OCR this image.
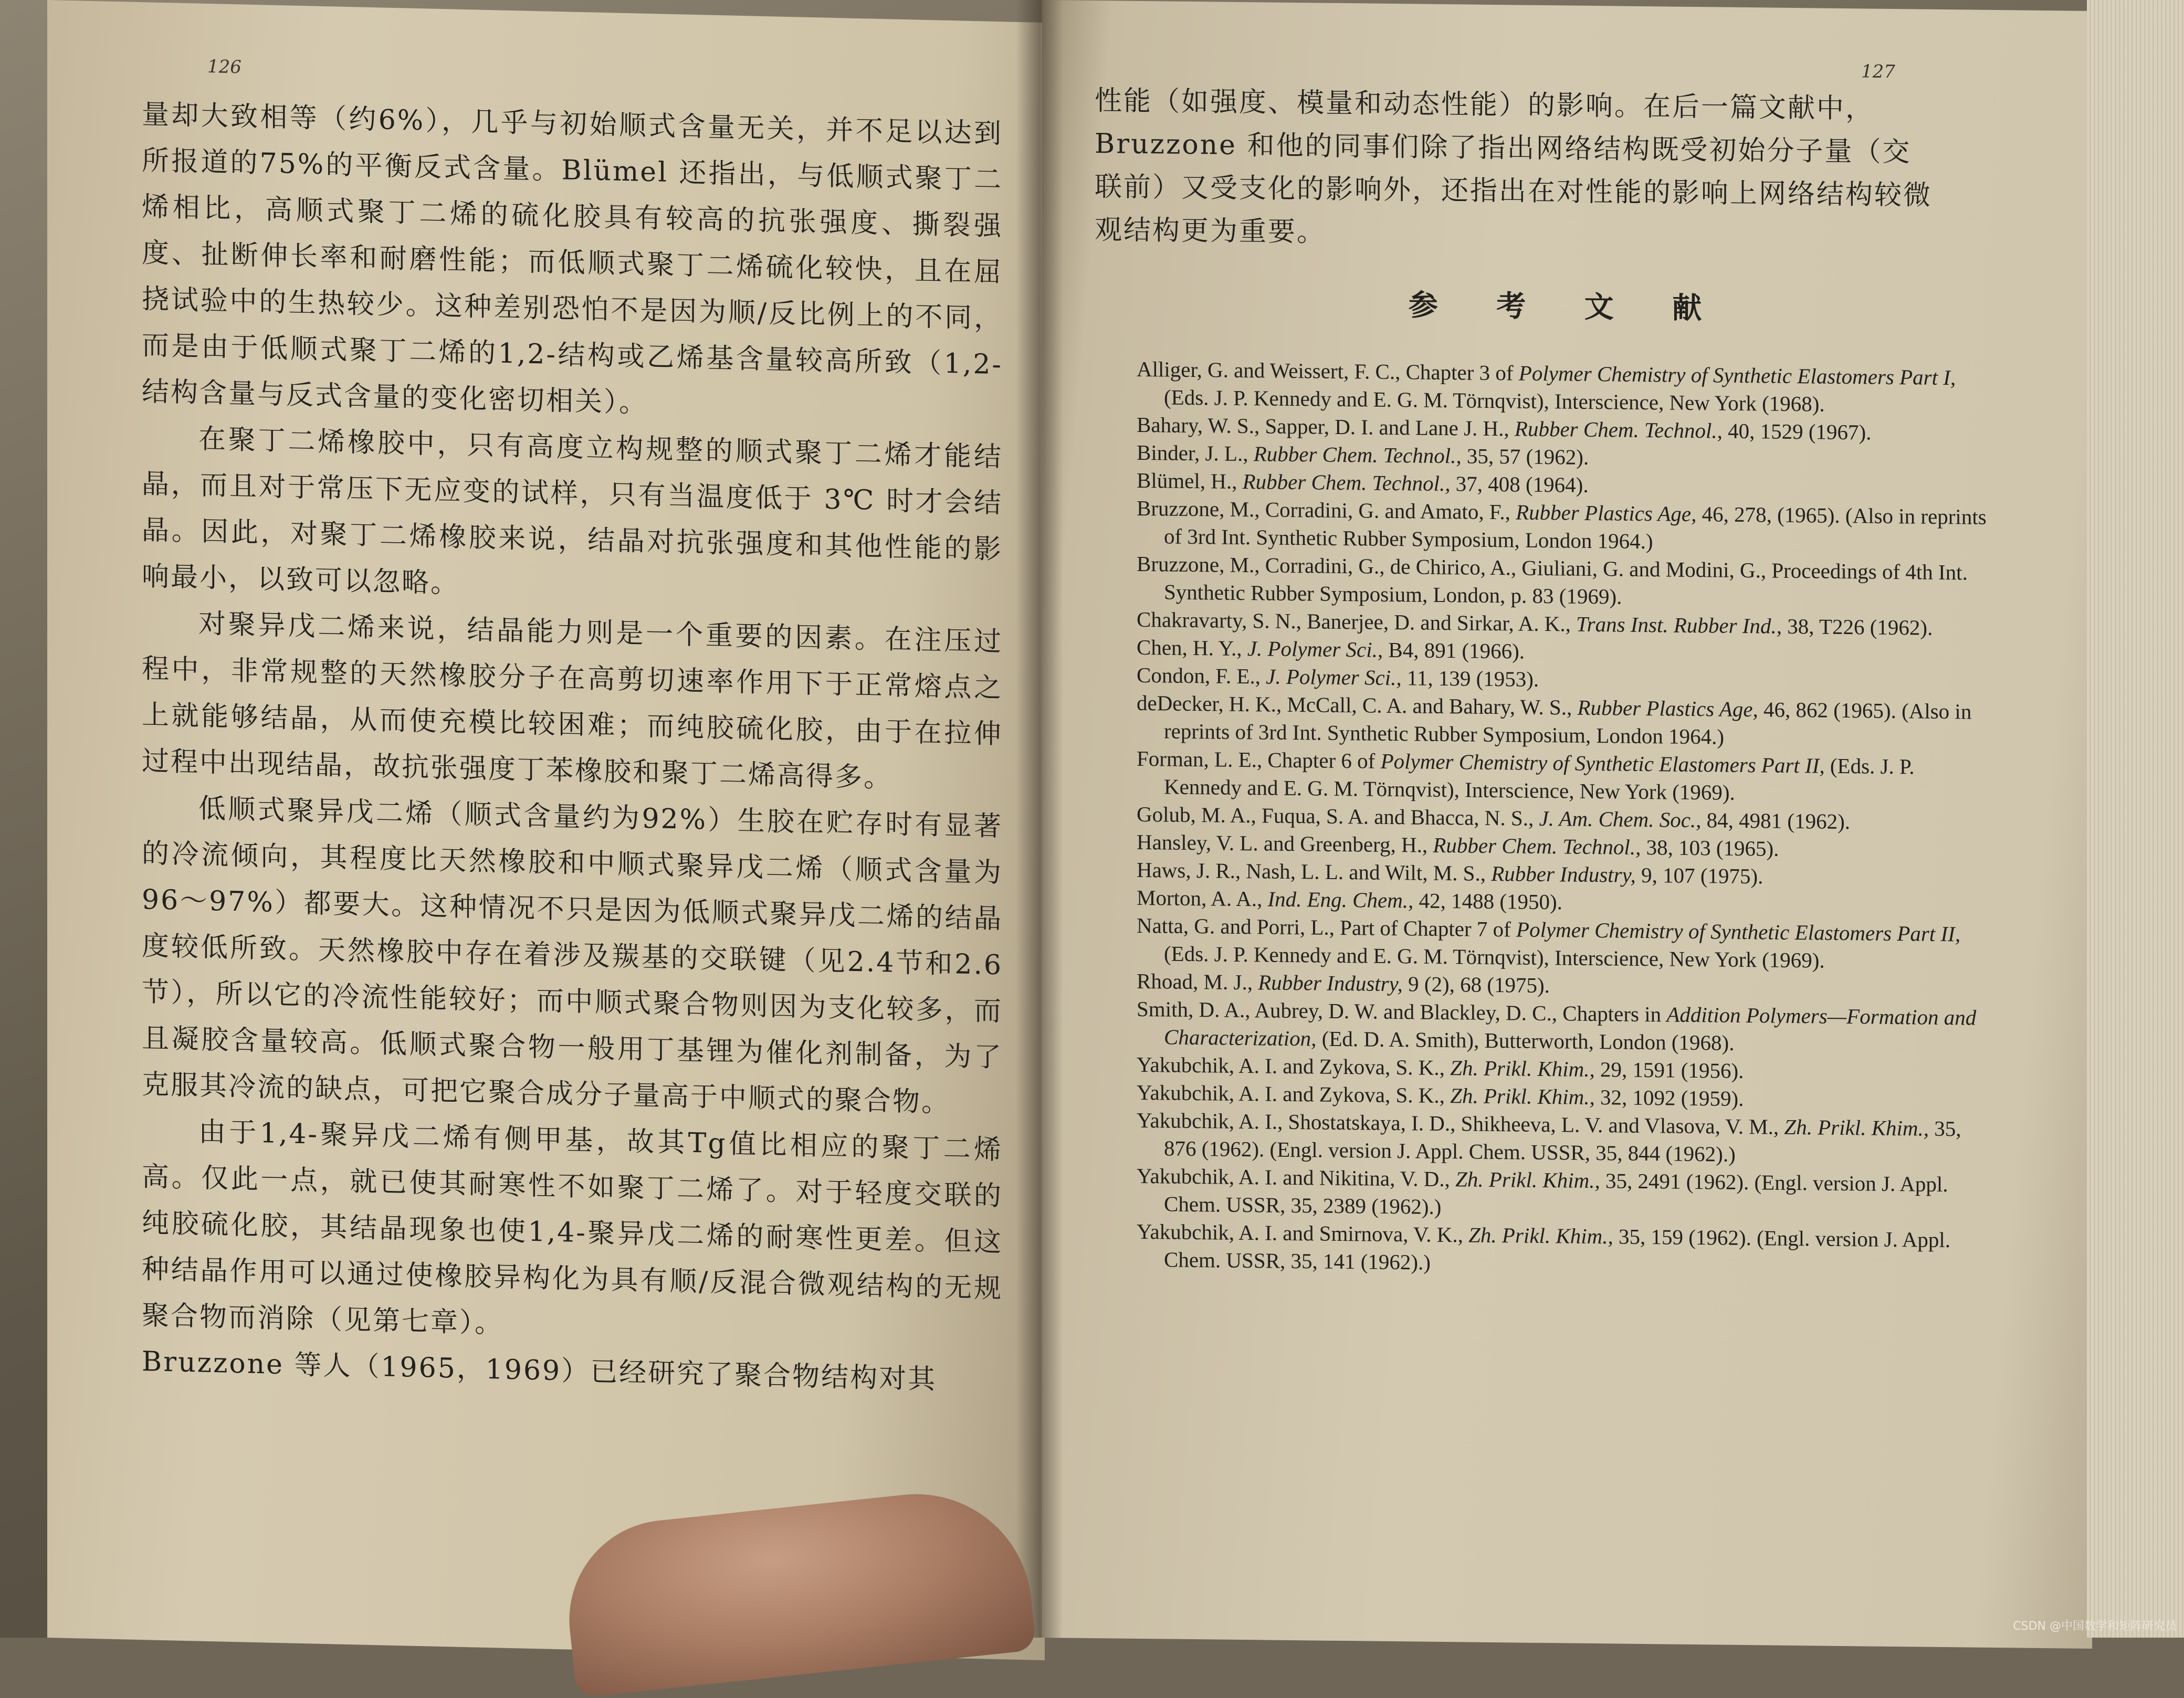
126

量却大致相等（约6%），几乎与初始顺式含量无关，并不足以达到所报道的75%的平衡反式含量。Blümel 还指出，与低顺式聚丁二烯相比，高顺式聚丁二烯的硫化胶具有较高的抗张强度、撕裂强度、扯断伸长率和耐磨性能；而低顺式聚丁二烯硫化较快，且在屈挠试验中的生热较少。这种差别恐怕不是因为顺/反比例上的不同，而是由于低顺式聚丁二烯的1,2-结构或乙烯基含量较高所致（1,2-结构含量与反式含量的变化密切相关）。

在聚丁二烯橡胶中，只有高度立构规整的顺式聚丁二烯才能结晶，而且对于常压下无应变的试样，只有当温度低于 3℃ 时才会结晶。因此，对聚丁二烯橡胶来说，结晶对抗张强度和其他性能的影响最小，以致可以忽略。

对聚异戊二烯来说，结晶能力则是一个重要的因素。在注压过程中，非常规整的天然橡胶分子在高剪切速率作用下于正常熔点之上就能够结晶，从而使充模比较困难；而纯胶硫化胶，由于在拉伸过程中出现结晶，故抗张强度丁苯橡胶和聚丁二烯高得多。

低顺式聚异戊二烯（顺式含量约为92%）生胶在贮存时有显著的冷流倾向，其程度比天然橡胶和中顺式聚异戊二烯（顺式含量为96～97%）都要大。这种情况不只是因为低顺式聚异戊二烯的结晶度较低所致。天然橡胶中存在着涉及羰基的交联键（见2.4节和2.6节），所以它的冷流性能较好；而中顺式聚合物则因为支化较多，而且凝胶含量较高。低顺式聚合物一般用丁基锂为催化剂制备，为了克服其冷流的缺点，可把它聚合成分子量高于中顺式的聚合物。

由于1,4-聚异戊二烯有侧甲基，故其Tg值比相应的聚丁二烯高。仅此一点，就已使其耐寒性不如聚丁二烯了。对于轻度交联的纯胶硫化胶，其结晶现象也使1,4-聚异戊二烯的耐寒性更差。但这种结晶作用可以通过使橡胶异构化为具有顺/反混合微观结构的无规聚合物而消除（见第七章）。

Bruzzone 等人（1965，1969）已经研究了聚合物结构对其

127

性能（如强度、模量和动态性能）的影响。在后一篇文献中，Bruzzone 和他的同事们除了指出网络结构既受初始分子量（交联前）又受支化的影响外，还指出在对性能的影响上网络结构较微观结构更为重要。

参 考 文 献
Alliger, G. and Weissert, F. C., Chapter 3 of Polymer Chemistry of Synthetic Elastomers Part I, (Eds. J. P. Kennedy and E. G. M. Törnqvist), Interscience, New York (1968).
Bahary, W. S., Sapper, D. I. and Lane J. H., Rubber Chem. Technol., 40, 1529 (1967).
Binder, J. L., Rubber Chem. Technol., 35, 57 (1962).
Blümel, H., Rubber Chem. Technol., 37, 408 (1964).
Bruzzone, M., Corradini, G. and Amato, F., Rubber Plastics Age, 46, 278, (1965). (Also in reprints of 3rd Int. Synthetic Rubber Symposium, London 1964.)
Bruzzone, M., Corradini, G., de Chirico, A., Giuliani, G. and Modini, G., Proceedings of 4th Int. Synthetic Rubber Symposium, London, p. 83 (1969).
Chakravarty, S. N., Banerjee, D. and Sirkar, A. K., Trans Inst. Rubber Ind., 38, T226 (1962).
Chen, H. Y., J. Polymer Sci., B4, 891 (1966).
Condon, F. E., J. Polymer Sci., 11, 139 (1953).
deDecker, H. K., McCall, C. A. and Bahary, W. S., Rubber Plastics Age, 46, 862 (1965). (Also in reprints of 3rd Int. Synthetic Rubber Symposium, London 1964.)
Forman, L. E., Chapter 6 of Polymer Chemistry of Synthetic Elastomers Part II, (Eds. J. P. Kennedy and E. G. M. Törnqvist), Interscience, New York (1969).
Golub, M. A., Fuqua, S. A. and Bhacca, N. S., J. Am. Chem. Soc., 84, 4981 (1962).
Hansley, V. L. and Greenberg, H., Rubber Chem. Technol., 38, 103 (1965).
Haws, J. R., Nash, L. L. and Wilt, M. S., Rubber Industry, 9, 107 (1975).
Morton, A. A., Ind. Eng. Chem., 42, 1488 (1950).
Natta, G. and Porri, L., Part of Chapter 7 of Polymer Chemistry of Synthetic Elastomers Part II, (Eds. J. P. Kennedy and E. G. M. Törnqvist), Interscience, New York (1969).
Rhoad, M. J., Rubber Industry, 9 (2), 68 (1975).
Smith, D. A., Aubrey, D. W. and Blackley, D. C., Chapters in Addition Polymers—Formation and Characterization, (Ed. D. A. Smith), Butterworth, London (1968).
Yakubchik, A. I. and Zykova, S. K., Zh. Prikl. Khim., 29, 1591 (1956).
Yakubchik, A. I. and Zykova, S. K., Zh. Prikl. Khim., 32, 1092 (1959).
Yakubchik, A. I., Shostatskaya, I. D., Shikheeva, L. V. and Vlasova, V. M., Zh. Prikl. Khim., 35, 876 (1962). (Engl. version J. Appl. Chem. USSR, 35, 844 (1962).)
Yakubchik, A. I. and Nikitina, V. D., Zh. Prikl. Khim., 35, 2491 (1962). (Engl. version J. Appl. Chem. USSR, 35, 2389 (1962).)
Yakubchik, A. I. and Smirnova, V. K., Zh. Prikl. Khim., 35, 159 (1962). (Engl. version J. Appl. Chem. USSR, 35, 141 (1962).)
CSDN @中国数学和矩阵研究员
